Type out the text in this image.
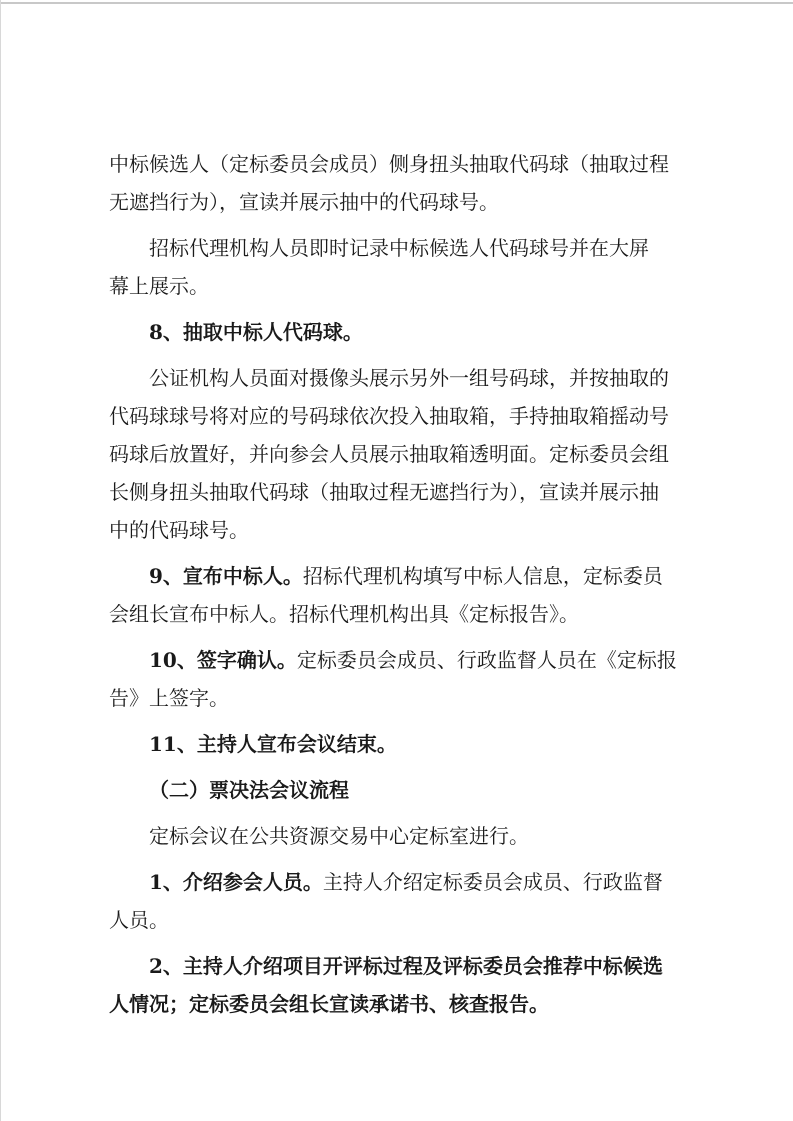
中标候选人（定标委员会成员）侧身扭头抽取代码球（抽取过程
无遮挡行为），宣读并展示抽中的代码球号。
招标代理机构人员即时记录中标候选人代码球号并在大屏
幕上展示。
8、抽取中标人代码球。
公证机构人员面对摄像头展示另外一组号码球，并按抽取的
代码球球号将对应的号码球依次投入抽取箱，手持抽取箱摇动号
码球后放置好，并向参会人员展示抽取箱透明面。定标委员会组
长侧身扭头抽取代码球（抽取过程无遮挡行为），宣读并展示抽
中的代码球号。
9、宣布中标人。招标代理机构填写中标人信息，定标委员
会组长宣布中标人。招标代理机构出具《定标报告》。
10、签字确认。定标委员会成员、行政监督人员在《定标报
告》上签字。
11、主持人宣布会议结束。
（二）票决法会议流程
定标会议在公共资源交易中心定标室进行。
1、介绍参会人员。主持人介绍定标委员会成员、行政监督
人员。
2、主持人介绍项目开评标过程及评标委员会推荐中标候选
人情况；定标委员会组长宣读承诺书、核查报告。
